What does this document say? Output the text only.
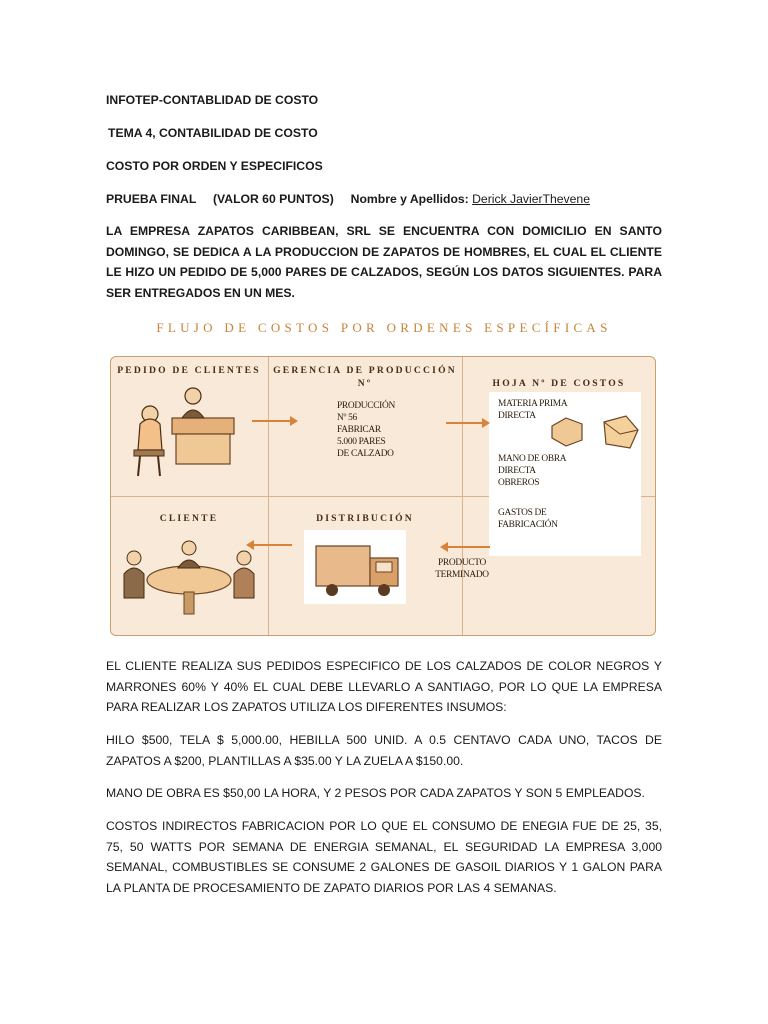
INFOTEP-CONTABLIDAD DE COSTO
TEMA 4, CONTABILIDAD DE COSTO
COSTO POR ORDEN Y ESPECIFICOS
PRUEBA FINAL     (VALOR 60 PUNTOS)     Nombre y Apellidos: Derick JavierThevene
LA EMPRESA ZAPATOS CARIBBEAN, SRL SE ENCUENTRA CON DOMICILIO EN SANTO DOMINGO, SE DEDICA A LA PRODUCCION DE ZAPATOS DE HOMBRES, EL CUAL EL CLIENTE LE HIZO UN PEDIDO DE 5,000 PARES DE CALZADOS, SEGÚN LOS DATOS SIGUIENTES. PARA SER ENTREGADOS EN UN MES.
FLUJO DE COSTOS POR ORDENES ESPECÍFICAS
PEDIDO DE CLIENTES	GERENCIA DE PRODUCCIÓN
Nº	HOJA Nº DE COSTOS
CLIENTE	DISTRIBUCIÓN
PRODUCCIÓN
Nº 56
FABRICAR
5.000 PARES
DE CALZADO
MATERIA PRIMA
DIRECTA
MANO DE OBRA
DIRECTA
OBREROS
GASTOS DE
FABRICACIÓN
PRODUCTO
TERMINADO
EL CLIENTE REALIZA SUS PEDIDOS ESPECIFICO DE LOS CALZADOS DE COLOR NEGROS Y MARRONES 60% Y 40% EL CUAL DEBE LLEVARLO A SANTIAGO, POR LO QUE LA EMPRESA PARA REALIZAR LOS ZAPATOS UTILIZA LOS DIFERENTES INSUMOS:
HILO $500, TELA $ 5,000.00, HEBILLA 500 UNID. A 0.5 CENTAVO CADA UNO, TACOS DE ZAPATOS A $200, PLANTILLAS A $35.00 Y LA ZUELA A $150.00.
MANO DE OBRA ES $50,00 LA HORA, Y 2 PESOS POR CADA ZAPATOS Y SON 5 EMPLEADOS.
COSTOS INDIRECTOS FABRICACION POR LO QUE EL CONSUMO DE ENEGIA FUE DE 25, 35, 75, 50 WATTS POR SEMANA DE ENERGIA SEMANAL, EL SEGURIDAD LA EMPRESA 3,000 SEMANAL, COMBUSTIBLES SE CONSUME 2 GALONES DE GASOIL DIARIOS Y 1 GALON PARA LA PLANTA DE PROCESAMIENTO DE ZAPATO DIARIOS POR LAS 4 SEMANAS.
